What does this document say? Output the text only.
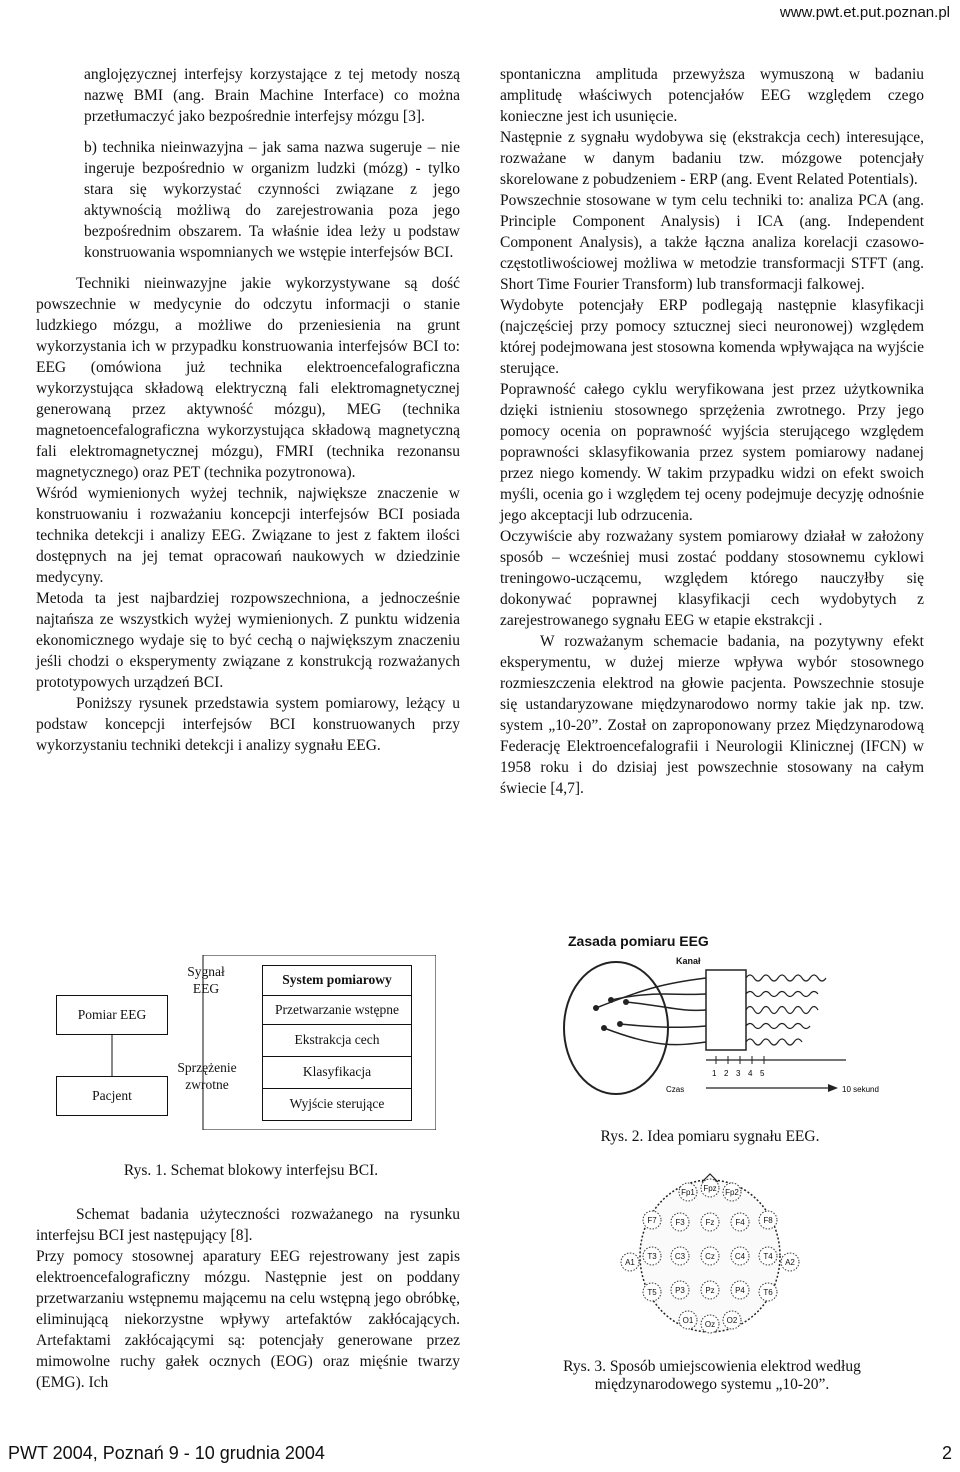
www.pwt.et.put.poznan.pl

anglojęzycznej interfejsy korzystające z tej metody noszą nazwę BMI (ang. Brain Machine Interface) co można przetłumaczyć jako bezpośrednie interfejsy mózgu [3].

b) technika nieinwazyjna – jak sama nazwa sugeruje – nie ingeruje bezpośrednio w organizm ludzki (mózg) - tylko stara się wykorzystać czynności związane z jego aktywnością możliwą do zarejestrowania poza jego bezpośrednim obszarem. Ta właśnie idea leży u podstaw konstruowania wspomnianych we wstępie interfejsów BCI.

Techniki nieinwazyjne jakie wykorzystywane są dość powszechnie w medycynie do odczytu informacji o stanie ludzkiego mózgu, a możliwe do przeniesienia na grunt wykorzystania ich w przypadku konstruowania interfejsów BCI to: EEG (omówiona już technika elektroencefalograficzna wykorzystująca składową elektryczną fali elektromagnetycznej generowaną przez aktywność mózgu), MEG (technika magnetoencefalograficzna wykorzystująca składową magnetyczną fali elektromagnetycznej mózgu), FMRI (technika rezonansu magnetycznego) oraz PET (technika pozytronowa).

Wśród wymienionych wyżej technik, największe znaczenie w konstruowaniu i rozważaniu koncepcji interfejsów BCI posiada technika detekcji i analizy EEG. Związane to jest z faktem ilości dostępnych na jej temat opracowań naukowych w dziedzinie medycyny.

Metoda ta jest najbardziej rozpowszechniona, a jednocześnie najtańsza ze wszystkich wyżej wymienionych. Z punktu widzenia ekonomicznego wydaje się to być cechą o największym znaczeniu jeśli chodzi o eksperymenty związane z konstrukcją rozważanych prototypowych urządzeń BCI.

Poniższy rysunek przedstawia system pomiarowy, leżący u podstaw koncepcji interfejsów BCI konstruowanych przy wykorzystaniu techniki detekcji i analizy sygnału EEG.

Pomiar EEG
Pacjent
Sygnał EEG
Sprzężenie zwrotne
System pomiarowy
Przetwarzanie wstępne
Ekstrakcja cech
Klasyfikacja
Wyjście sterujące
Rys. 1. Schemat blokowy interfejsu BCI.

Schemat badania użyteczności rozważanego na rysunku interfejsu BCI jest następujący [8].

Przy pomocy stosownej aparatury EEG rejestrowany jest zapis elektroencefalograficzny mózgu. Następnie jest on poddany przetwarzaniu wstępnemu mającemu na celu wstępną jego obróbkę, eliminującą niekorzystne wpływy artefaktów zakłócających. Artefaktami zakłócającymi są: potencjały generowane przez mimowolne ruchy gałek ocznych (EOG) oraz mięśnie twarzy (EMG). Ich

spontaniczna amplituda przewyższa wymuszoną w badaniu amplitudę właściwych potencjałów EEG względem czego konieczne jest ich usunięcie.

Następnie z sygnału wydobywa się (ekstrakcja cech) interesujące, rozważane w danym badaniu tzw. mózgowe potencjały skorelowane z pobudzeniem - ERP (ang. Event Related Potentials).

Powszechnie stosowane w tym celu techniki to: analiza PCA (ang. Principle Component Analysis) i ICA (ang. Independent Component Analysis), a także łączna analiza korelacji czasowo-częstotliwościowej możliwa w metodzie transformacji STFT (ang. Short Time Fourier Transform) lub transformacji falkowej.

Wydobyte potencjały ERP podlegają następnie klasyfikacji (najczęściej przy pomocy sztucznej sieci neuronowej) względem której podejmowana jest stosowna komenda wpływająca na wyjście sterujące.

Poprawność całego cyklu weryfikowana jest przez użytkownika dzięki istnieniu stosownego sprzężenia zwrotnego. Przy jego pomocy ocenia on poprawność wyjścia sterującego względem poprawności sklasyfikowania przez system pomiarowy nadanej przez niego komendy. W takim przypadku widzi on efekt swoich myśli, ocenia go i względem tej oceny podejmuje decyzję odnośnie jego akceptacji lub odrzucenia.

Oczywiście aby rozważany system pomiarowy działał w założony sposób – wcześniej musi zostać poddany stosownemu cyklowi treningowo-uczącemu, względem którego nauczyłby się dokonywać poprawnej klasyfikacji cech wydobytych z zarejestrowanego sygnału EEG w etapie ekstrakcji .

W rozważanym schemacie badania, na pozytywny efekt eksperymentu, w dużej mierze wpływa wybór stosownego rozmieszczenia elektrod na głowie pacjenta. Powszechnie stosuje się ustandaryzowane międzynarodowo normy takie jak np. tzw. system „10-20”. Został on zaproponowany przez Międzynarodową Federację Elektroencefalografii i Neurologii Klinicznej (IFCN) w 1958 roku i do dzisiaj jest powszechnie stosowany na całym świecie [4,7].

Zasada pomiaru EEG
Kanał
1 2 3 4 5
Czas	10 sekund
Rys. 2. Idea pomiaru sygnału EEG.
Fp1 Fpz Fp2
F7 F3	Fz	F4 F8
A1
T3 C3 Cz C4 T4
A2
T5 P3	Pz	P4 T6
O1 Oz O2
Rys. 3. Sposób umiejscowienia elektrod według międzynarodowego systemu „10-20”.
PWT 2004, Poznań 9 - 10 grudnia 2004	2
